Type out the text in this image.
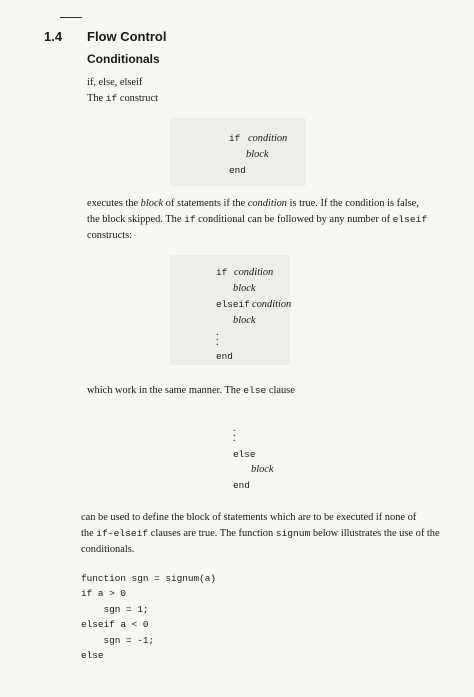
1.4 Flow Control
Conditionals
if, else, elseif
The if construct
if condition
block
end
executes the block of statements if the condition is true. If the condition is false,
the block skipped. The if conditional can be followed by any number of elseif
constructs:
if condition
block
elseif condition
block
.
.
.
end
which work in the same manner. The else clause
.
.
.
else
block
end
can be used to define the block of statements which are to be executed if none of
the if-elseif clauses are true. The function signum below illustrates the use of the
conditionals.
function sgn = signum(a)
if a > 0
sgn = 1;
elseif a < 0
sgn = -1;
else
